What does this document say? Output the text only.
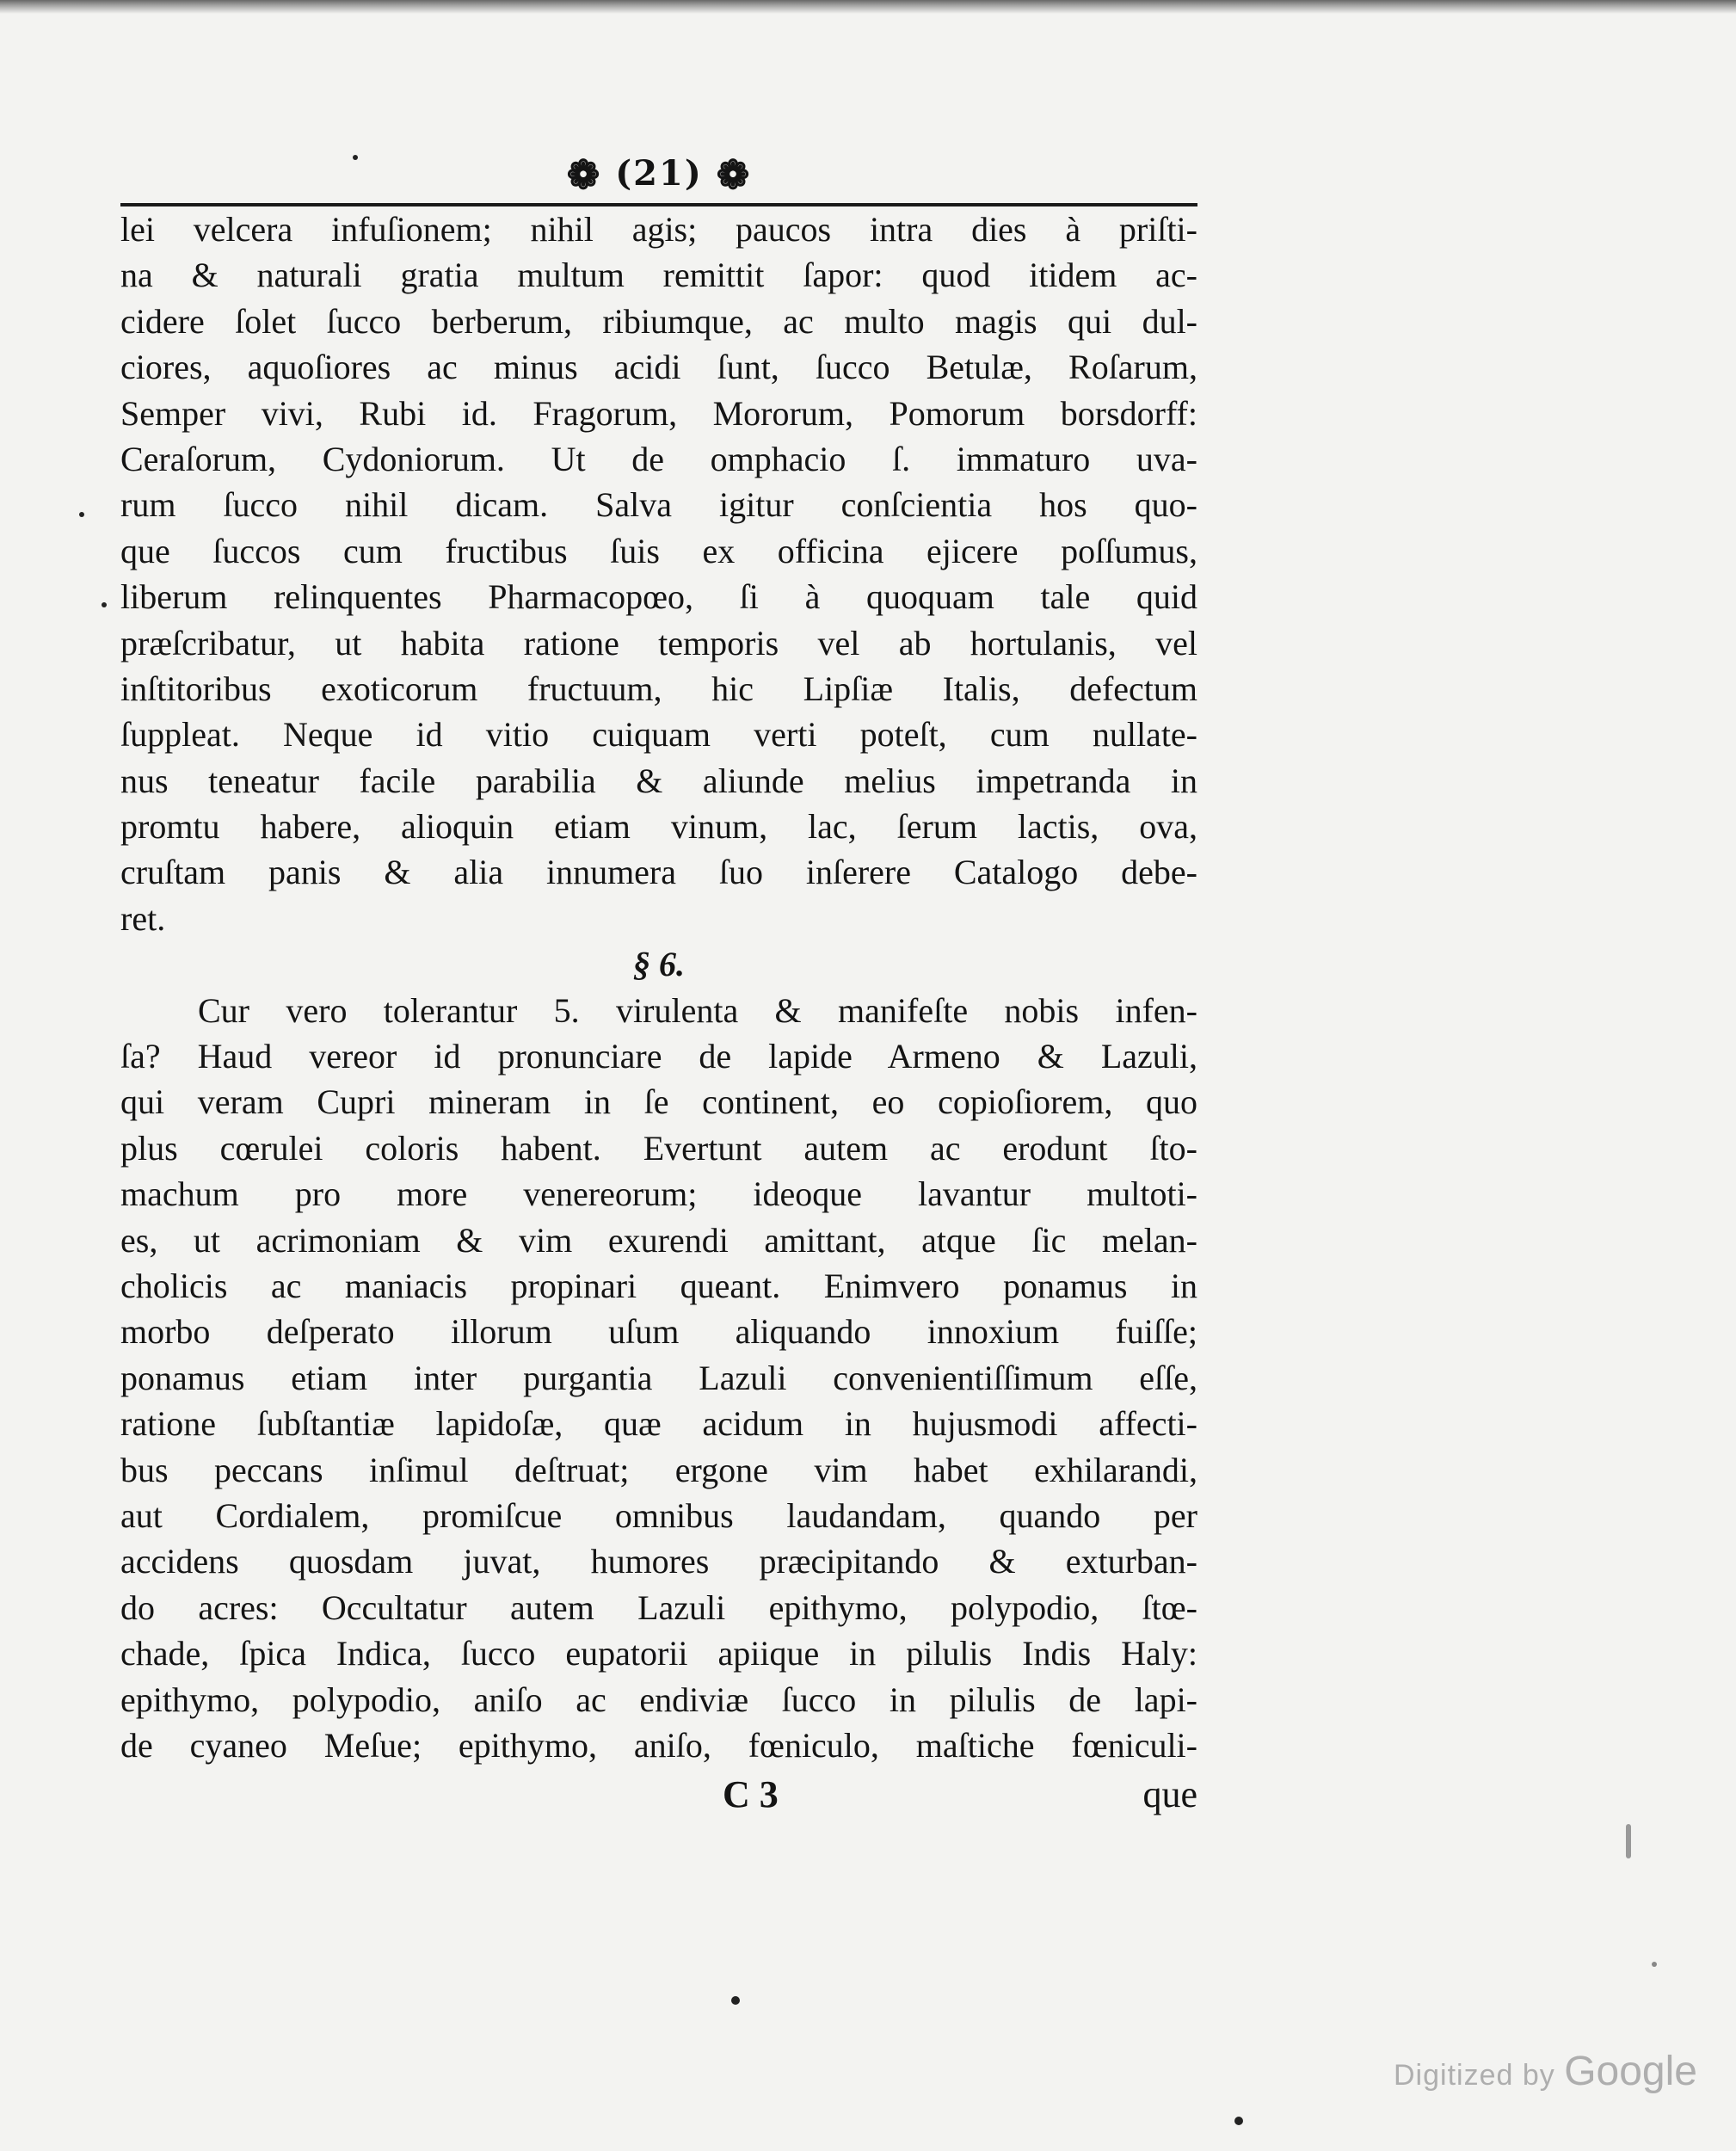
❁ (21) ❁
lei velcera infuſionem; nihil agis; paucos intra dies à priſti-
na & naturali gratia multum remittit ſapor: quod itidem ac-
cidere ſolet ſucco berberum, ribiumque, ac multo magis qui dul-
ciores, aquoſiores ac minus acidi ſunt, ſucco Betulæ, Roſarum,
Semper vivi, Rubi id. Fragorum, Mororum, Pomorum borsdorff:
Ceraſorum, Cydoniorum. Ut de omphacio ſ. immaturo uva-
rum ſucco nihil dicam. Salva igitur conſcientia hos quo-
que ſuccos cum fructibus ſuis ex officina ejicere poſſumus,
liberum relinquentes Pharmacopœo, ſi à quoquam tale quid
præſcribatur, ut habita ratione temporis vel ab hortulanis, vel
inſtitoribus exoticorum fructuum, hic Lipſiæ Italis, defectum
ſuppleat. Neque id vitio cuiquam verti poteſt, cum nullate-
nus teneatur facile parabilia & aliunde melius impetranda in
promtu habere, alioquin etiam vinum, lac, ſerum lactis, ova,
cruſtam panis & alia innumera ſuo inſerere Catalogo debe-
ret.
§ 6.
Cur vero tolerantur 5. virulenta & manifeſte nobis infen-
ſa? Haud vereor id pronunciare de lapide Armeno & Lazuli,
qui veram Cupri mineram in ſe continent, eo copioſiorem, quo
plus cœrulei coloris habent. Evertunt autem ac erodunt ſto-
machum pro more venereorum; ideoque lavantur multoti-
es, ut acrimoniam & vim exurendi amittant, atque ſic melan-
cholicis ac maniacis propinari queant. Enimvero ponamus in
morbo deſperato illorum uſum aliquando innoxium fuiſſe;
ponamus etiam inter purgantia Lazuli convenientiſſimum eſſe,
ratione ſubſtantiæ lapidoſæ, quæ acidum in hujusmodi affecti-
bus peccans inſimul deſtruat; ergone vim habet exhilarandi,
aut Cordialem, promiſcue omnibus laudandam, quando per
accidens quosdam juvat, humores præcipitando & exturban-
do acres: Occultatur autem Lazuli epithymo, polypodio, ſtœ-
chade, ſpica Indica, ſucco eupatorii apiique in pilulis Indis Haly:
epithymo, polypodio, aniſo ac endiviæ ſucco in pilulis de lapi-
de cyaneo Meſue; epithymo, aniſo, fœniculo, maſtiche fœniculi-
C 3	que
Digitized by Google
